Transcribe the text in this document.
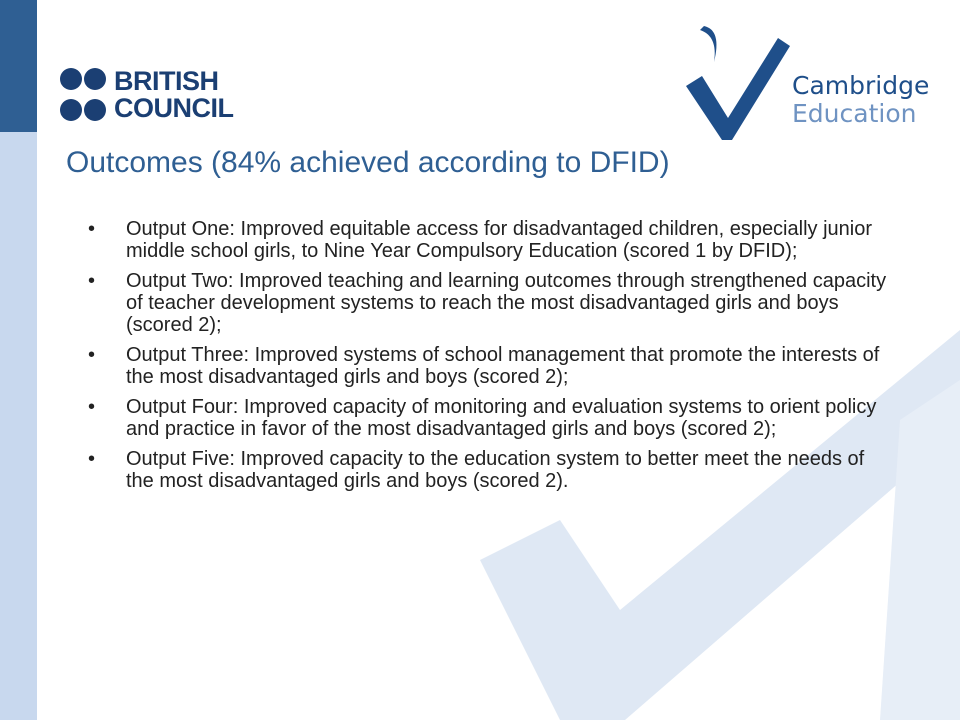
BRITISH
COUNCIL
Cambridge
Education
Outcomes (84% achieved according to DFID)
•	Output One: Improved equitable access for disadvantaged children, especially junior middle school girls, to Nine Year Compulsory Education (scored 1 by DFID);
•	Output Two: Improved teaching and learning outcomes through strengthened capacity of teacher development systems to reach the most disadvantaged girls and boys (scored 2);
•	Output Three: Improved systems of school management that promote the interests of the most disadvantaged girls and boys (scored 2);
•	Output Four: Improved capacity of monitoring and evaluation systems to orient policy and practice in favor of the most disadvantaged girls and boys (scored 2);
•	Output Five: Improved capacity to the education system to better meet the needs of the most disadvantaged girls and boys (scored 2).
